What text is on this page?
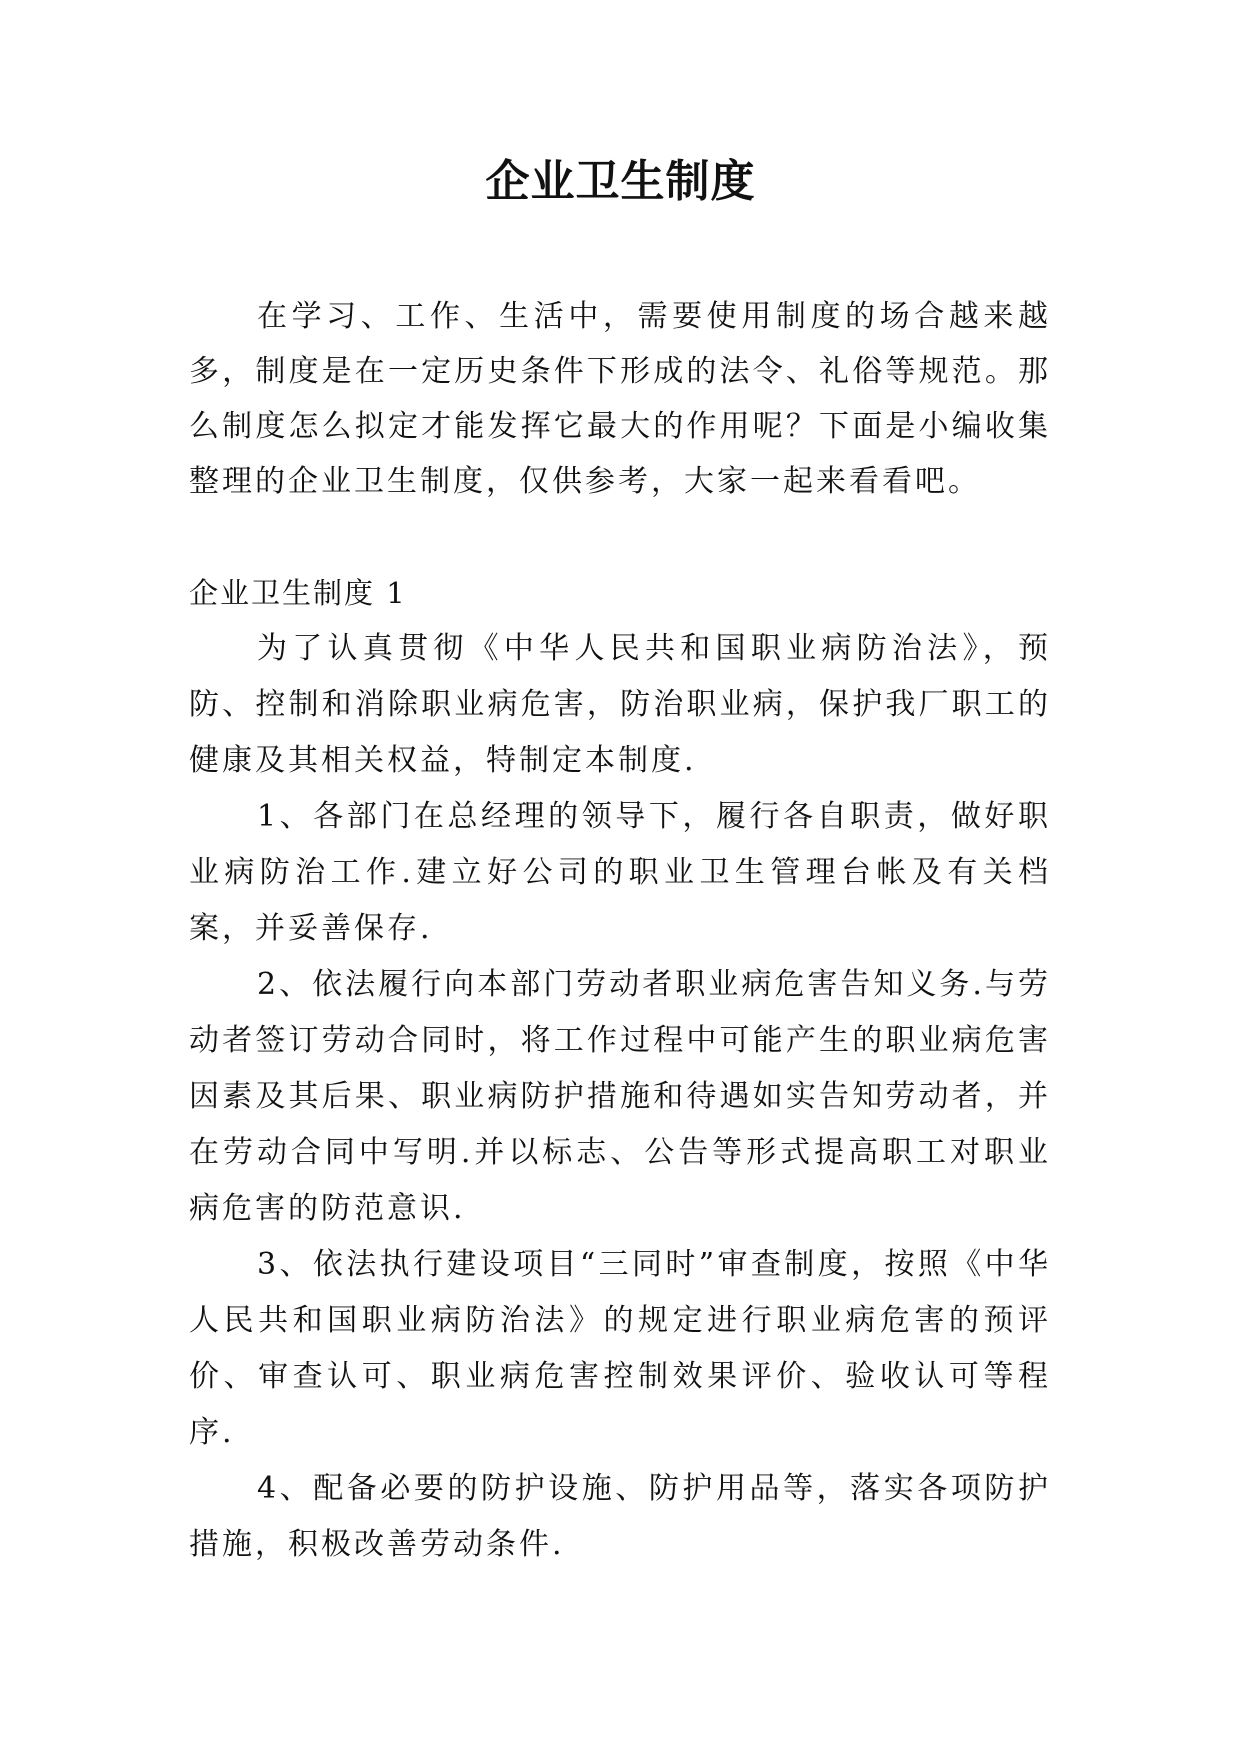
企业卫生制度

在学习、工作、生活中，需要使用制度的场合越来越多，制度是在一定历史条件下形成的法令、礼俗等规范。那么制度怎么拟定才能发挥它最大的作用呢？下面是小编收集整理的企业卫生制度，仅供参考，大家一起来看看吧。

企业卫生制度 1

为了认真贯彻《中华人民共和国职业病防治法》，预防、控制和消除职业病危害，防治职业病，保护我厂职工的健康及其相关权益，特制定本制度.

1、各部门在总经理的领导下，履行各自职责，做好职业病防治工作.建立好公司的职业卫生管理台帐及有关档案，并妥善保存.

2、依法履行向本部门劳动者职业病危害告知义务.与劳动者签订劳动合同时，将工作过程中可能产生的职业病危害因素及其后果、职业病防护措施和待遇如实告知劳动者，并在劳动合同中写明.并以标志、公告等形式提高职工对职业病危害的防范意识.

3、依法执行建设项目“三同时”审查制度，按照《中华人民共和国职业病防治法》的规定进行职业病危害的预评价、审查认可、职业病危害控制效果评价、验收认可等程序.

4、配备必要的防护设施、防护用品等，落实各项防护措施，积极改善劳动条件.
